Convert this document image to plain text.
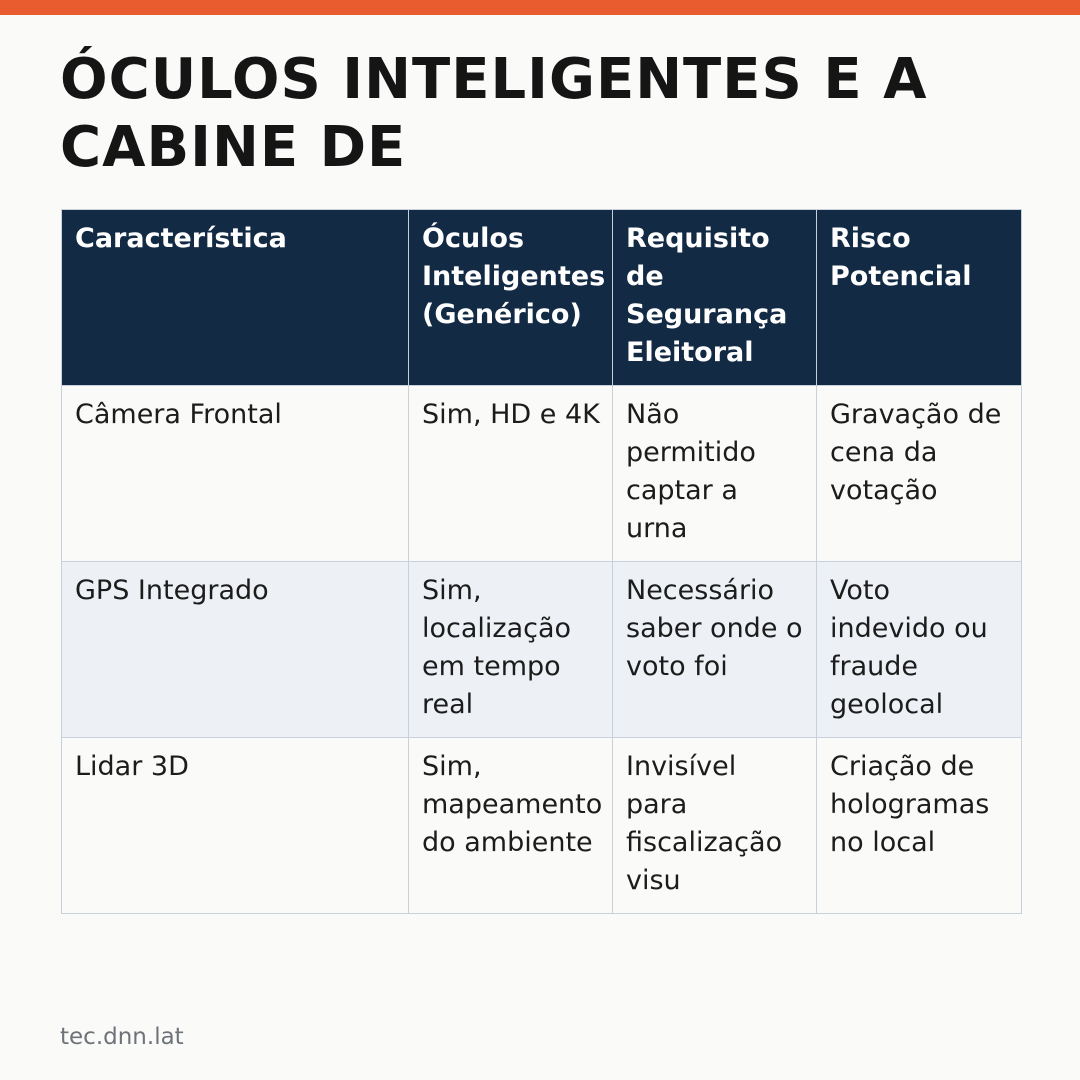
ÓCULOS INTELIGENTES E A CABINE DE
Característica	Óculos Inteligentes (Genérico)	Requisito de Segurança Eleitoral	Risco Potencial
Câmera Frontal	Sim, HD e 4K	Não permitido captar a urna	Gravação de cena da votação
GPS Integrado	Sim, localização em tempo real	Necessário saber onde o voto foi	Voto indevido ou fraude geolocal
Lidar 3D	Sim, mapeamento do ambiente	Invisível para fiscalização visu	Criação de hologramas no local
tec.dnn.lat
